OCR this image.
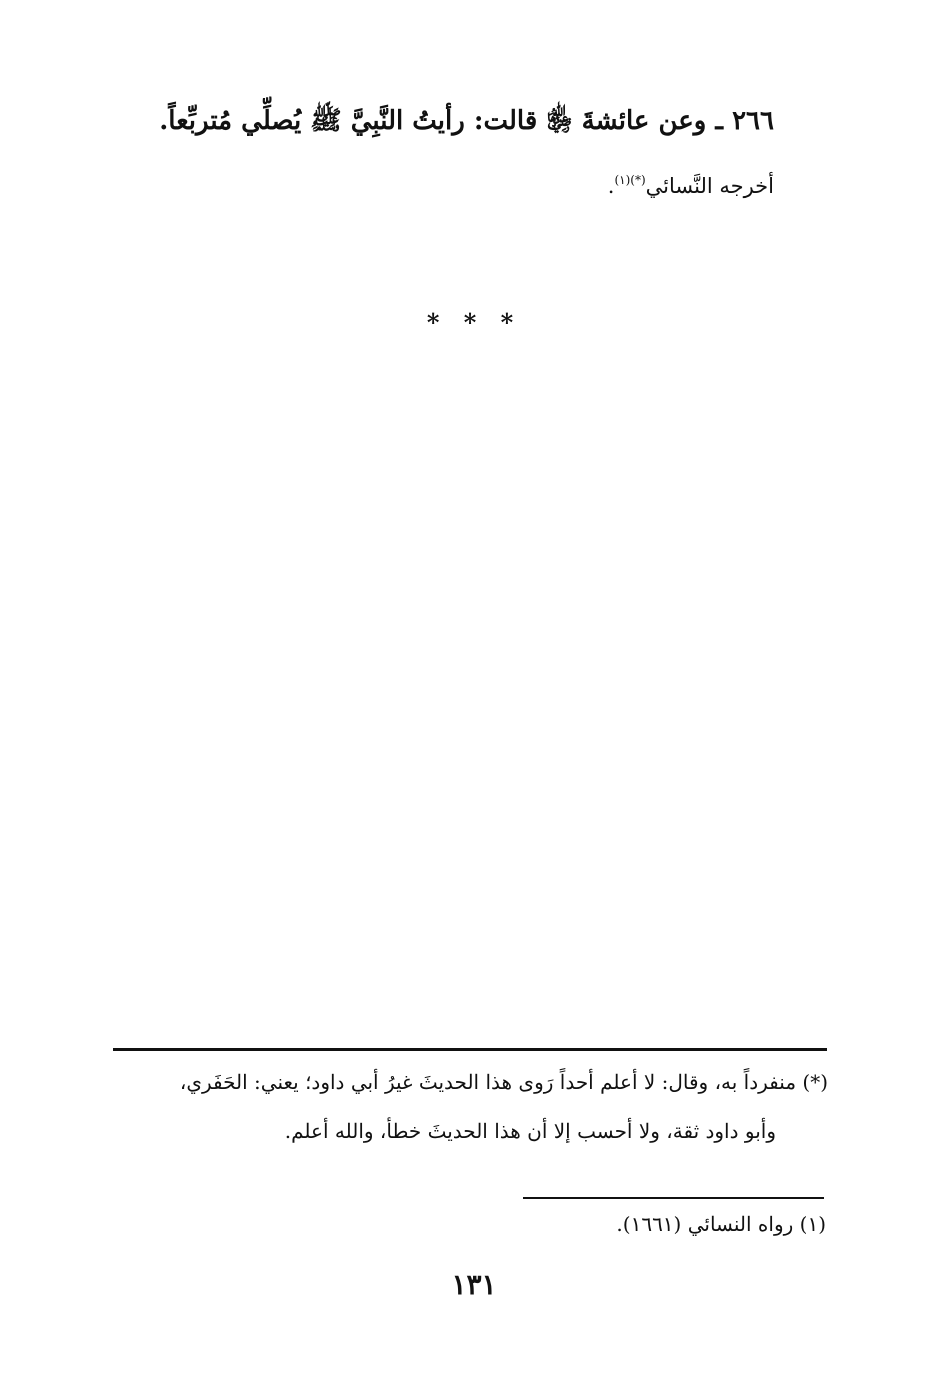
٢٦٦ ـ وعن عائشةَ ﵂ قالت: رأيتُ النَّبِيَّ ﷺ يُصلِّي مُتربِّعاً.
أخرجه النَّسائي$^{(*)(١)}$.
* * *
(*) منفرداً به، وقال: لا أعلم أحداً رَوى هذا الحديثَ غيرُ أبي داود؛ يعني: الحَفَري،
وأبو داود ثقة، ولا أحسب إلا أن هذا الحديثَ خطأ، والله أعلم.
(١) رواه النسائي (١٦٦١).
١٣١
